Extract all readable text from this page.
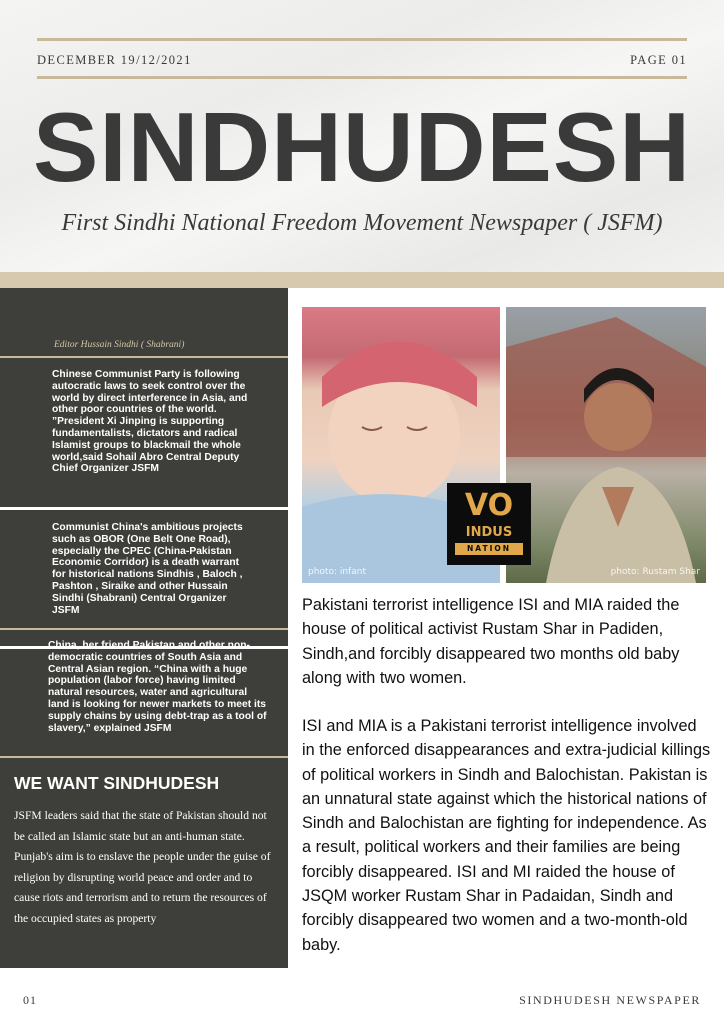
DECEMBER 19/12/2021	PAGE 01
SINDHUDESH
First Sindhi National Freedom Movement Newspaper ( JSFM)
Editor Hussain Sindhi ( Shabrani)
Chinese Communist Party is following autocratic laws to seek control over the world by direct interference in Asia, and other poor countries of the world. ”President Xi Jinping is supporting fundamentalists, dictators and radical Islamist groups to blackmail the whole world,said Sohail Abro Central Deputy Chief Organizer JSFM
Communist China's ambitious projects such as OBOR (One Belt One Road), especially the CPEC (China-Pakistan Economic Corridor) is a death warrant for historical nations Sindhis , Baloch , Pashton , Siraike and other Hussain Sindhi (Shabrani) Central Organizer JSFM
China, her friend Pakistan and other non-democratic countries of South Asia and Central Asian region. “China with a huge population (labor force) having limited natural resources, water and agricultural land is looking for newer markets to meet its supply chains by using debt-trap as a tool of slavery,” explained JSFM
WE WANT SINDHUDESH
JSFM leaders said that the state of Pakistan should not be called an Islamic state but an anti-human state. Punjab's aim is to enslave the people under the guise of religion by disrupting world peace and order and to cause riots and terrorism and to return the resources of the occupied states as property
photo: infant	photo: Rustam Shar
VO
INDUS
NATION
Pakistani terrorist intelligence ISI and MIA raided the house of political activist Rustam Shar in Padiden, Sindh,and forcibly disappeared two months old baby along with two women.
ISI and MIA is a Pakistani terrorist intelligence involved in the enforced disappearances and extra-judicial killings of political workers in Sindh and Balochistan. Pakistan is an unnatural state against which the historical nations of Sindh and Balochistan are fighting for independence. As a result, political workers and their families are being forcibly disappeared. ISI and MI raided the house of JSQM worker Rustam Shar in Padaidan, Sindh and forcibly disappeared two women and a two-month-old baby.
01	SINDHUDESH NEWSPAPER
